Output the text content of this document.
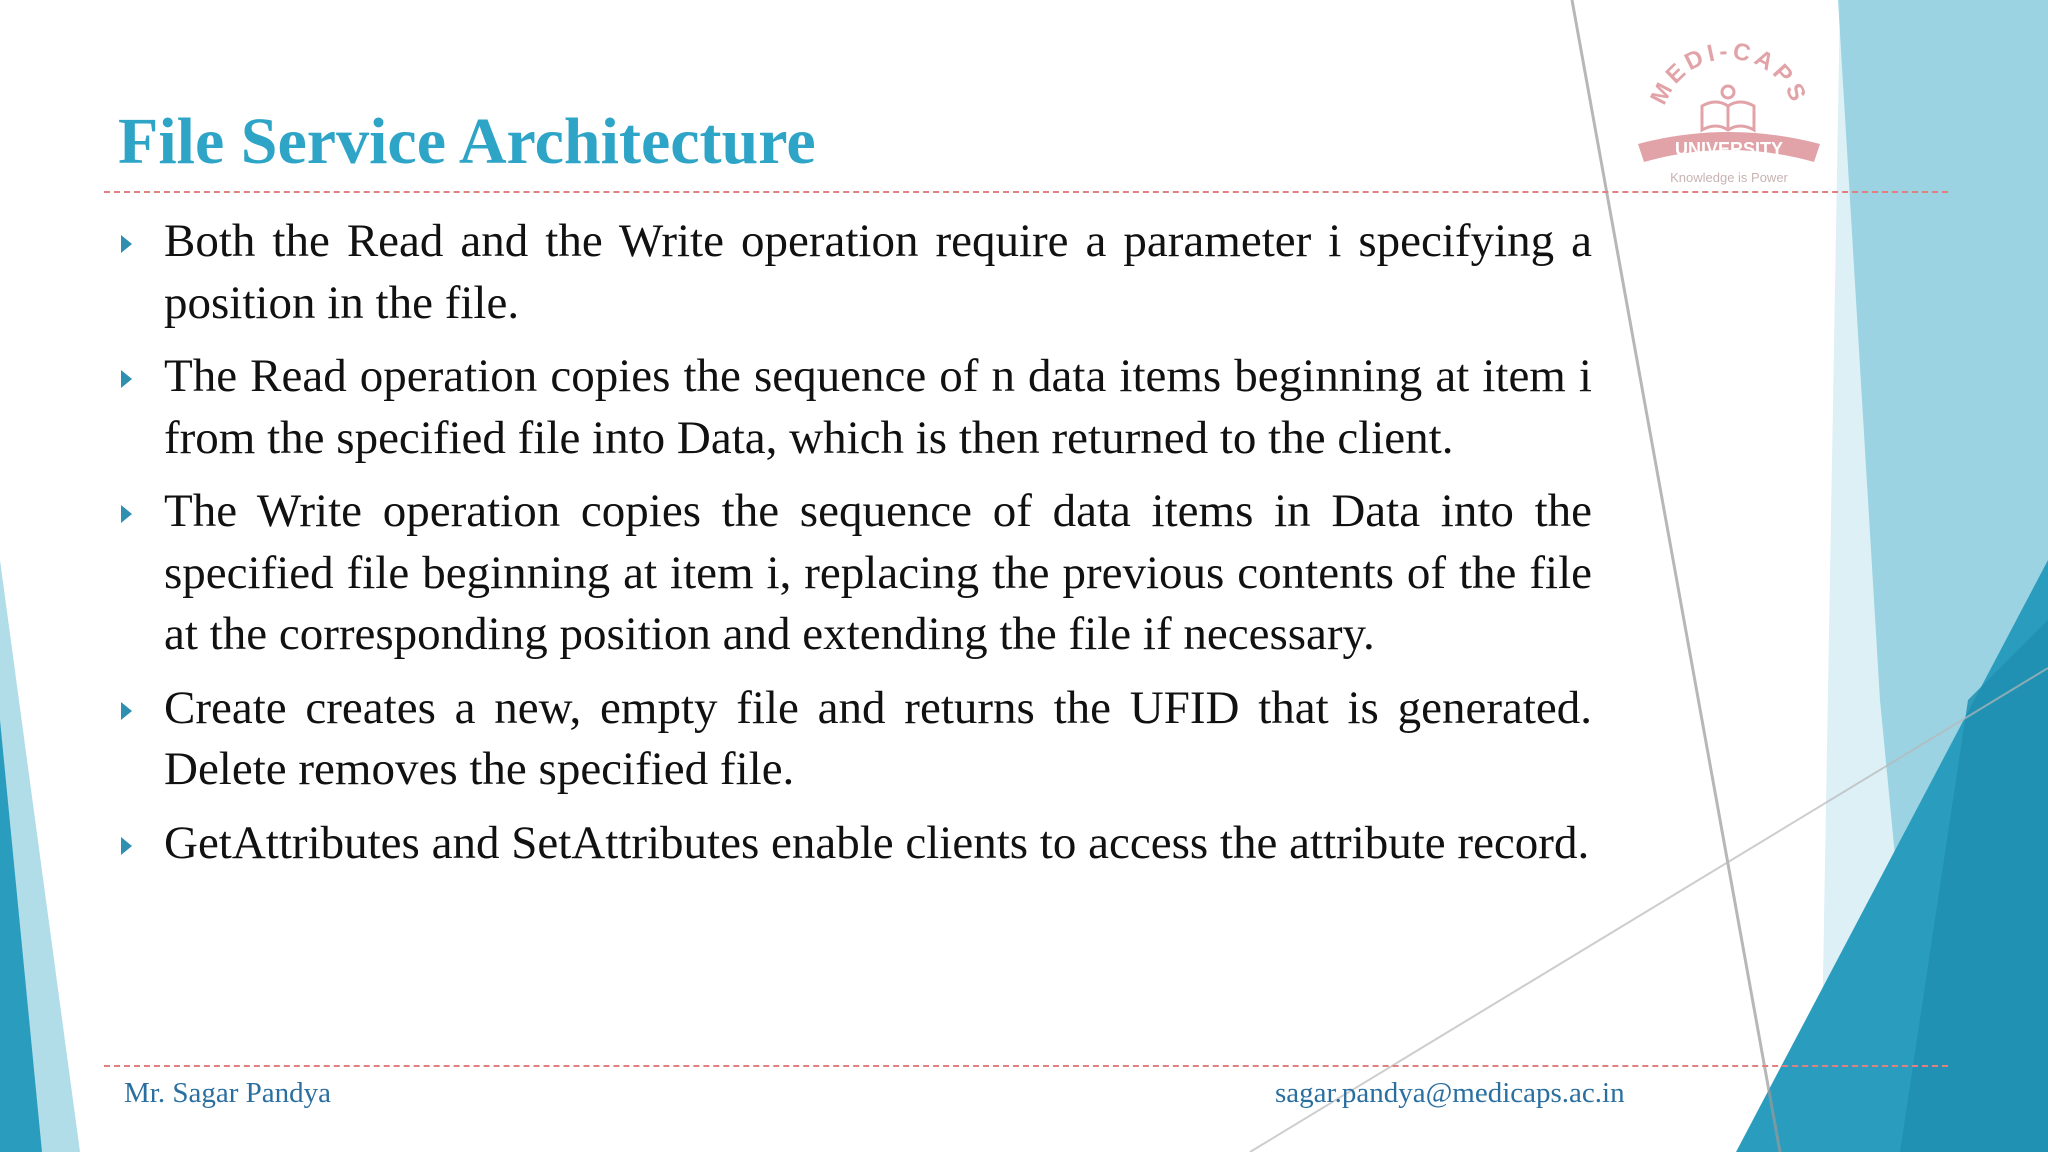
MEDI-CAPS
UNIVERSITY
Knowledge is Power
File Service Architecture
Both the Read and the Write operation require a parameter i specifying a position in the file.
The Read operation copies the sequence of n data items beginning at item i from the specified file into Data, which is then returned to the client.
The Write operation copies the sequence of data items in Data into the specified file beginning at item i, replacing the previous contents of the file at the corresponding position and extending the file if necessary.
Create creates a new, empty file and returns the UFID that is generated. Delete removes the specified file.
GetAttributes and SetAttributes enable clients to access the attribute record.
Mr. Sagar Pandya	sagar.pandya@medicaps.ac.in
